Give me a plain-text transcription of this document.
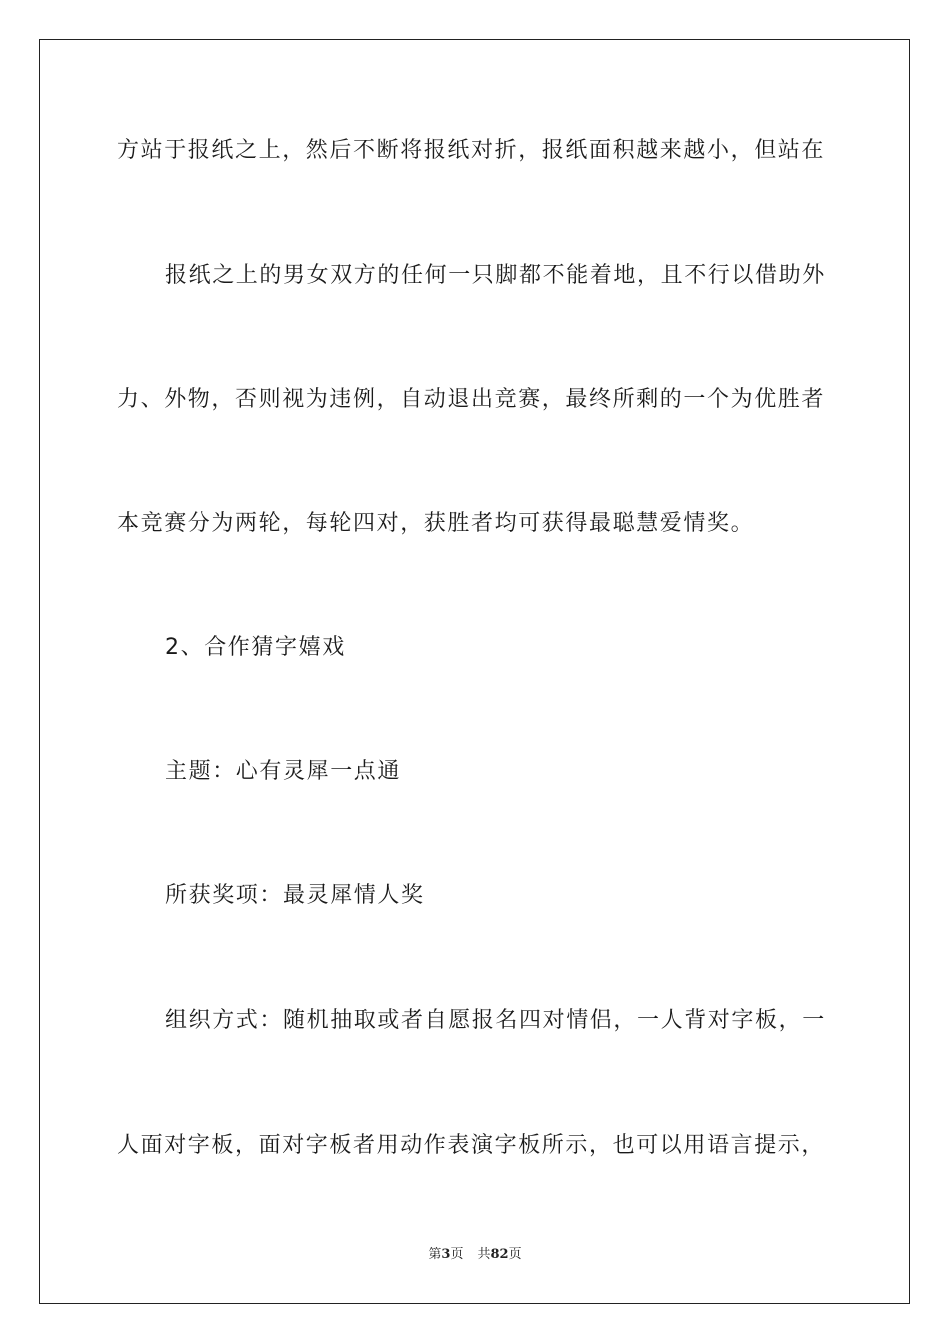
方站于报纸之上，然后不断将报纸对折，报纸面积越来越小，但站在
报纸之上的男女双方的任何一只脚都不能着地，且不行以借助外
力、外物，否则视为违例，自动退出竞赛，最终所剩的一个为优胜者
本竞赛分为两轮，每轮四对，获胜者均可获得最聪慧爱情奖。
2、合作猜字嬉戏
主题：心有灵犀一点通
所获奖项：最灵犀情人奖
组织方式：随机抽取或者自愿报名四对情侣，一人背对字板，一
人面对字板，面对字板者用动作表演字板所示，也可以用语言提示，
第3页 共82页
